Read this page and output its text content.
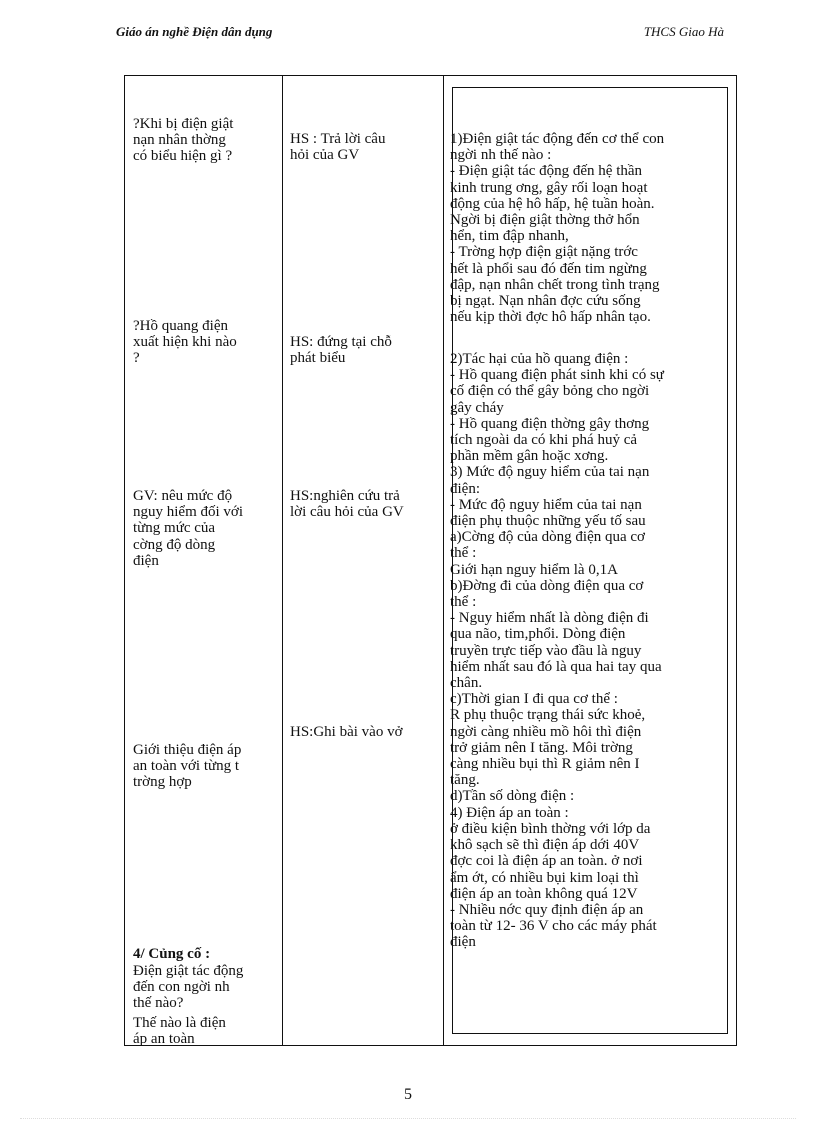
Giáo án nghề Điện dân dụng	THCS Giao Hà
?Khi bị điện giật
nạn nhân thờng
có biểu hiện gì ?
?Hồ quang điện
xuất hiện khi nào
?
GV: nêu mức độ
nguy hiểm đối với
từng mức của
cờng độ dòng
điện
Giới thiệu điện áp
an toàn với từng t
trờng hợp
4/ Củng cố :
Điện giật tác động
đến con ngời nh
thế nào?
Thế nào là điện
áp an toàn
HS : Trả lời câu
hỏi của GV
HS: đứng tại chỗ
phát biểu
HS:nghiên cứu trả
lời câu hỏi của GV
HS:Ghi bài vào vở
1)Điện giật tác động đến cơ thể con
ngời nh thế nào :
- Điện giật tác động đến hệ thần
kinh trung ơng, gây rối loạn hoạt
động của hệ hô hấp, hệ tuần hoàn.
Ngời bị điện giật thờng thở hổn
hển, tim đập nhanh,
- Trờng hợp điện giật nặng trớc
hết là phổi sau đó đến tim ngừng
đập, nạn nhân chết trong tình trạng
bị ngạt. Nạn nhân đợc cứu sống
nếu kịp thời đợc hô hấp nhân tạo.
2)Tác hại của hồ quang điện :
- Hồ quang điện phát sinh khi có sự
cố điện có thể gây bỏng cho ngời
gây cháy
- Hồ quang điện thờng gây thơng
tích ngoài da có khi phá huỷ cả
phần mềm gân hoặc xơng.
3) Mức độ nguy hiểm của tai nạn
điện:
- Mức độ nguy hiểm của tai nạn
điện phụ thuộc những yếu tố sau
a)Cờng độ của dòng điện qua cơ
thể :
Giới hạn nguy hiểm là 0,1A
b)Đờng đi của dòng điện qua cơ
thể :
- Nguy hiểm nhất là dòng điện đi
qua não, tim,phổi. Dòng điện
truyền trực tiếp vào đầu là nguy
hiểm nhất sau đó là qua hai tay qua
chân.
c)Thời gian I đi qua cơ thể :
R phụ thuộc trạng thái sức khoẻ,
ngời càng nhiều mồ hôi thì điện
trở giảm nên I tăng. Môi trờng
càng nhiều bụi thì R giảm nên I
tăng.
d)Tần số dòng điện :
4) Điện áp an toàn :
ở điều kiện bình thờng với lớp da
khô sạch sẽ thì điện áp dới 40V
đợc coi là điện áp an toàn. ở nơi
ẩm ớt, có nhiều bụi kim loại thì
điện áp an toàn không quá 12V
- Nhiều nớc quy định điện áp an
toàn từ 12- 36 V cho các máy phát
điện
5
